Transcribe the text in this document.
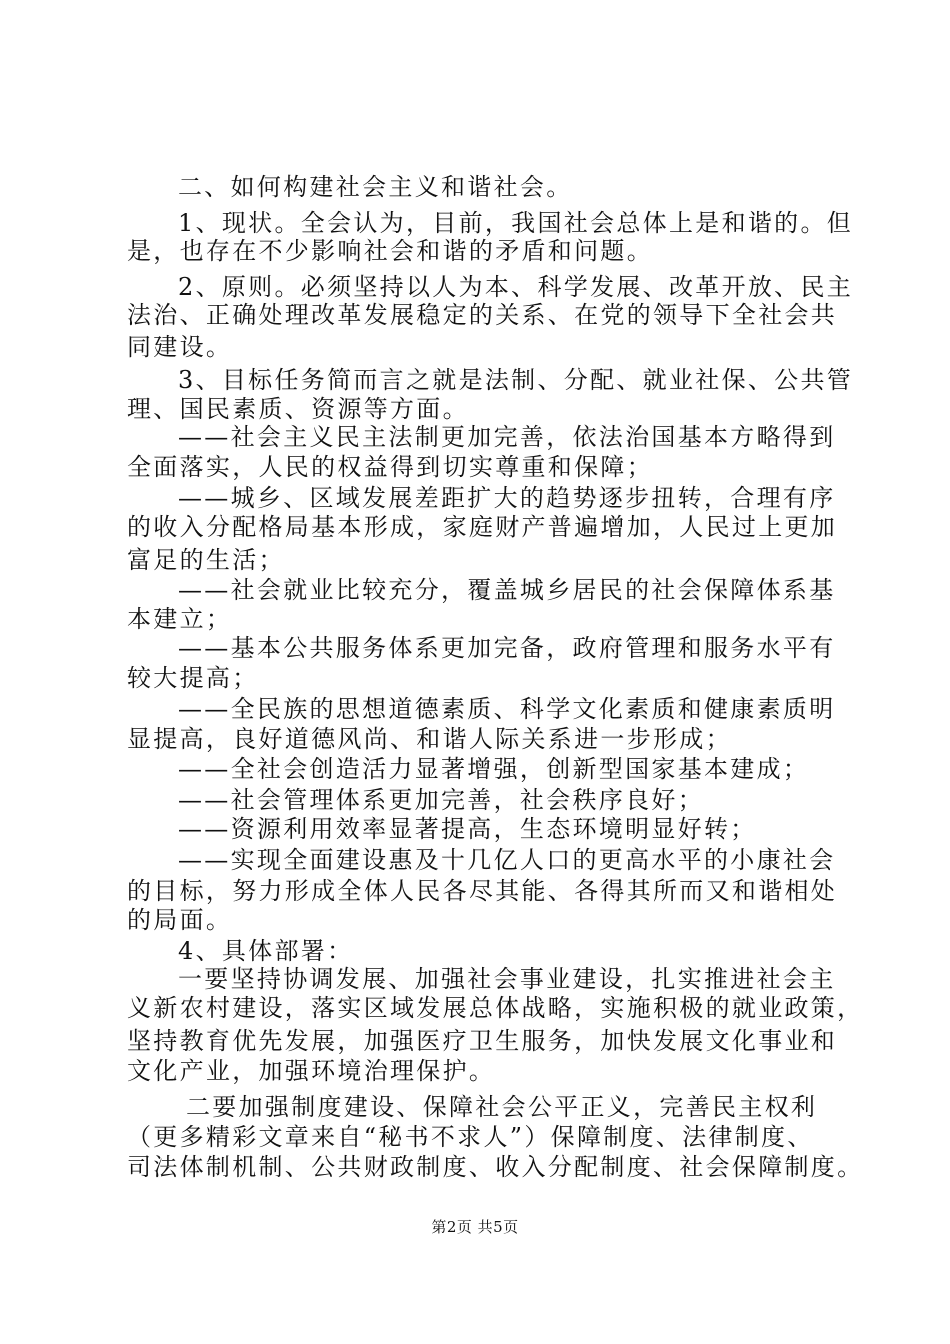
二、如何构建社会主义和谐社会。
1、现状。全会认为，目前，我国社会总体上是和谐的。但
是，也存在不少影响社会和谐的矛盾和问题。
2、原则。必须坚持以人为本、科学发展、改革开放、民主
法治、正确处理改革发展稳定的关系、在党的领导下全社会共
同建设。
3、目标任务简而言之就是法制、分配、就业社保、公共管
理、国民素质、资源等方面。
——社会主义民主法制更加完善，依法治国基本方略得到
全面落实，人民的权益得到切实尊重和保障；
——城乡、区域发展差距扩大的趋势逐步扭转，合理有序
的收入分配格局基本形成，家庭财产普遍增加，人民过上更加
富足的生活；
——社会就业比较充分，覆盖城乡居民的社会保障体系基
本建立；
——基本公共服务体系更加完备，政府管理和服务水平有
较大提高；
——全民族的思想道德素质、科学文化素质和健康素质明
显提高，良好道德风尚、和谐人际关系进一步形成；
——全社会创造活力显著增强，创新型国家基本建成；
——社会管理体系更加完善，社会秩序良好；
——资源利用效率显著提高，生态环境明显好转；
——实现全面建设惠及十几亿人口的更高水平的小康社会
的目标，努力形成全体人民各尽其能、各得其所而又和谐相处
的局面。
4、具体部署：
一要坚持协调发展、加强社会事业建设，扎实推进社会主
义新农村建设，落实区域发展总体战略，实施积极的就业政策，
坚持教育优先发展，加强医疗卫生服务，加快发展文化事业和
文化产业，加强环境治理保护。
二要加强制度建设、保障社会公平正义，完善民主权利
（更多精彩文章来自“秘书不求人”）保障制度、法律制度、
司法体制机制、公共财政制度、收入分配制度、社会保障制度。
第2页 共5页
